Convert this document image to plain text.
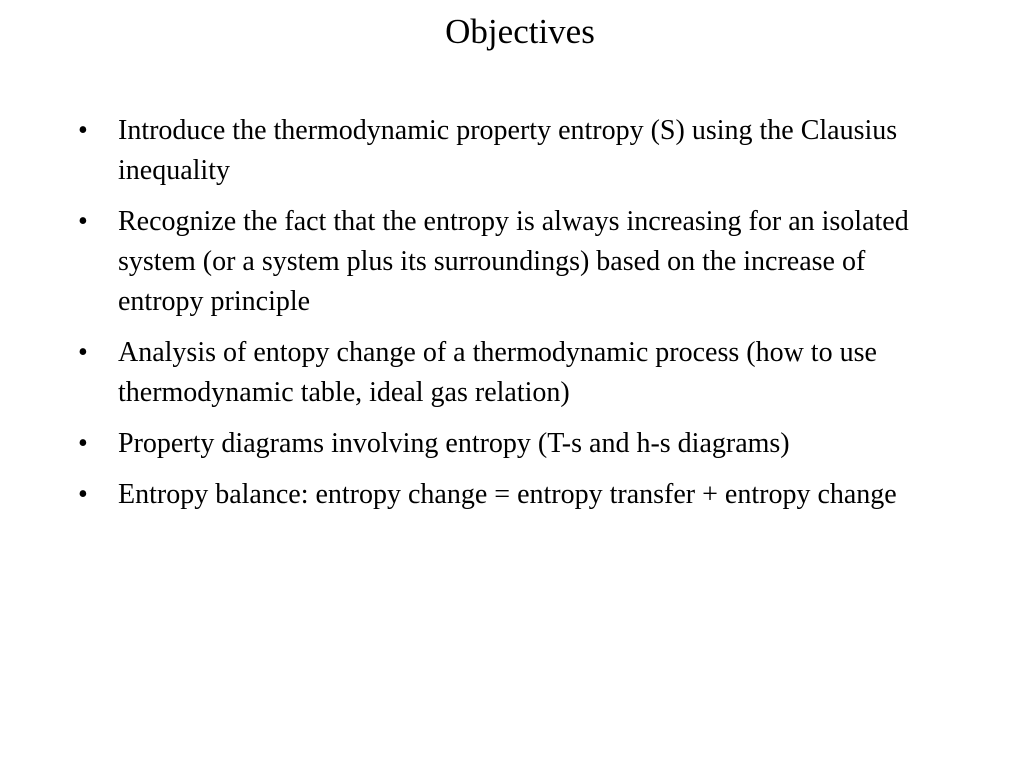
Objectives
• Introduce the thermodynamic property entropy (S) using the Clausius inequality
• Recognize the fact that the entropy is always increasing for an isolated system (or a system plus its surroundings) based on the increase of entropy principle
• Analysis of entopy change of a thermodynamic process (how to use thermodynamic table, ideal gas relation)
• Property diagrams involving entropy (T-s and h-s diagrams)
• Entropy balance: entropy change = entropy transfer + entropy change
